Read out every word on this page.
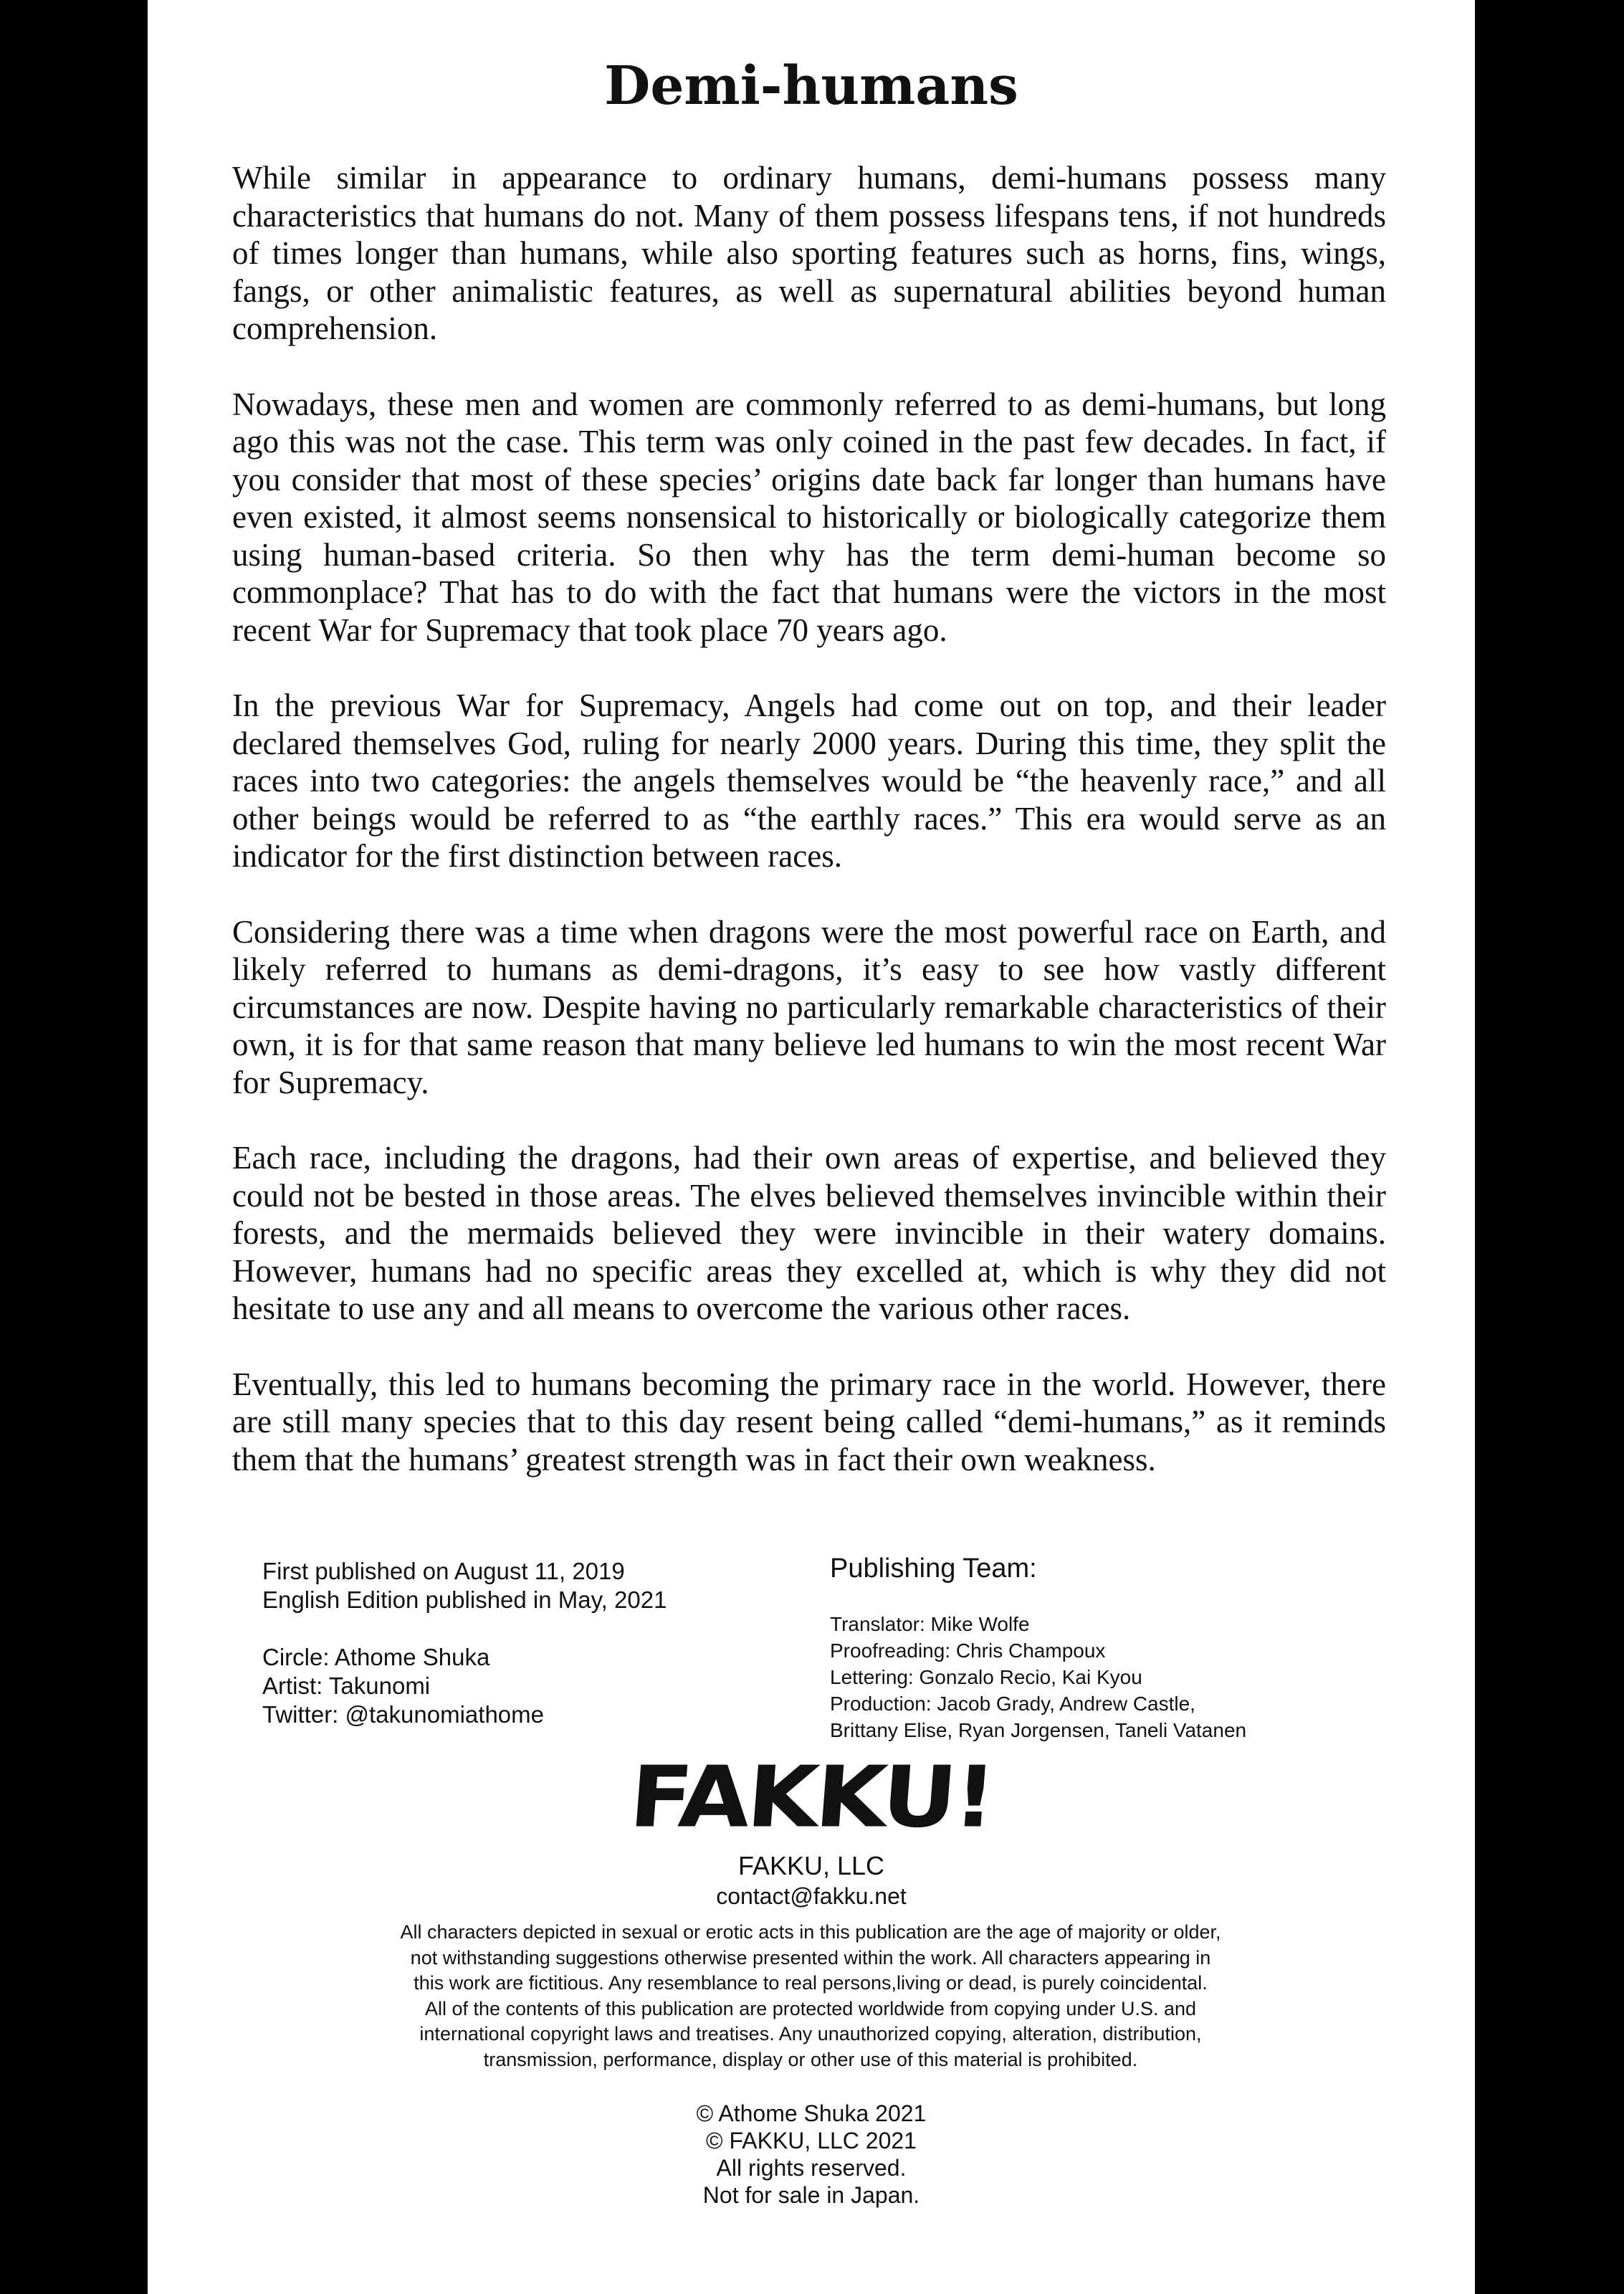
Demi-humans

While similar in appearance to ordinary humans, demi-humans possess many characteristics that humans do not. Many of them possess lifespans tens, if not hundreds of times longer than humans, while also sporting features such as horns, fins, wings, fangs, or other animalistic features, as well as supernatural abilities beyond human comprehension.

Nowadays, these men and women are commonly referred to as demi-humans, but long ago this was not the case. This term was only coined in the past few decades. In fact, if you consider that most of these species’ origins date back far longer than humans have even existed, it almost seems nonsensical to historically or biologically categorize them using human-based criteria. So then why has the term demi-human become so commonplace? That has to do with the fact that humans were the victors in the most recent War for Supremacy that took place 70 years ago.

In the previous War for Supremacy, Angels had come out on top, and their leader declared themselves God, ruling for nearly 2000 years. During this time, they split the races into two categories: the angels themselves would be “the heavenly race,” and all other beings would be referred to as “the earthly races.” This era would serve as an indicator for the first distinction between races.

Considering there was a time when dragons were the most powerful race on Earth, and likely referred to humans as demi-dragons, it’s easy to see how vastly different circumstances are now. Despite having no particularly remarkable characteristics of their own, it is for that same reason that many believe led humans to win the most recent War for Supremacy.

Each race, including the dragons, had their own areas of expertise, and believed they could not be bested in those areas. The elves believed themselves invincible within their forests, and the mermaids believed they were invincible in their watery domains. However, humans had no specific areas they excelled at, which is why they did not hesitate to use any and all means to overcome the various other races.

Eventually, this led to humans becoming the primary race in the world. However, there are still many species that to this day resent being called “demi-humans,” as it reminds them that the humans’ greatest strength was in fact their own weakness.

First published on August 11, 2019
English Edition published in May, 2021
Circle: Athome Shuka
Artist: Takunomi
Twitter: @takunomiathome
Publishing Team:
Translator: Mike Wolfe
Proofreading: Chris Champoux
Lettering: Gonzalo Recio, Kai Kyou
Production: Jacob Grady, Andrew Castle,
Brittany Elise, Ryan Jorgensen, Taneli Vatanen
FAKKU!
FAKKU, LLC
contact@fakku.net
All characters depicted in sexual or erotic acts in this publication are the age of majority or older,
not withstanding suggestions otherwise presented within the work. All characters appearing in
this work are fictitious. Any resemblance to real persons,living or dead, is purely coincidental.
All of the contents of this publication are protected worldwide from copying under U.S. and
international copyright laws and treatises. Any unauthorized copying, alteration, distribution,
transmission, performance, display or other use of this material is prohibited.
© Athome Shuka 2021
© FAKKU, LLC 2021
All rights reserved.
Not for sale in Japan.
